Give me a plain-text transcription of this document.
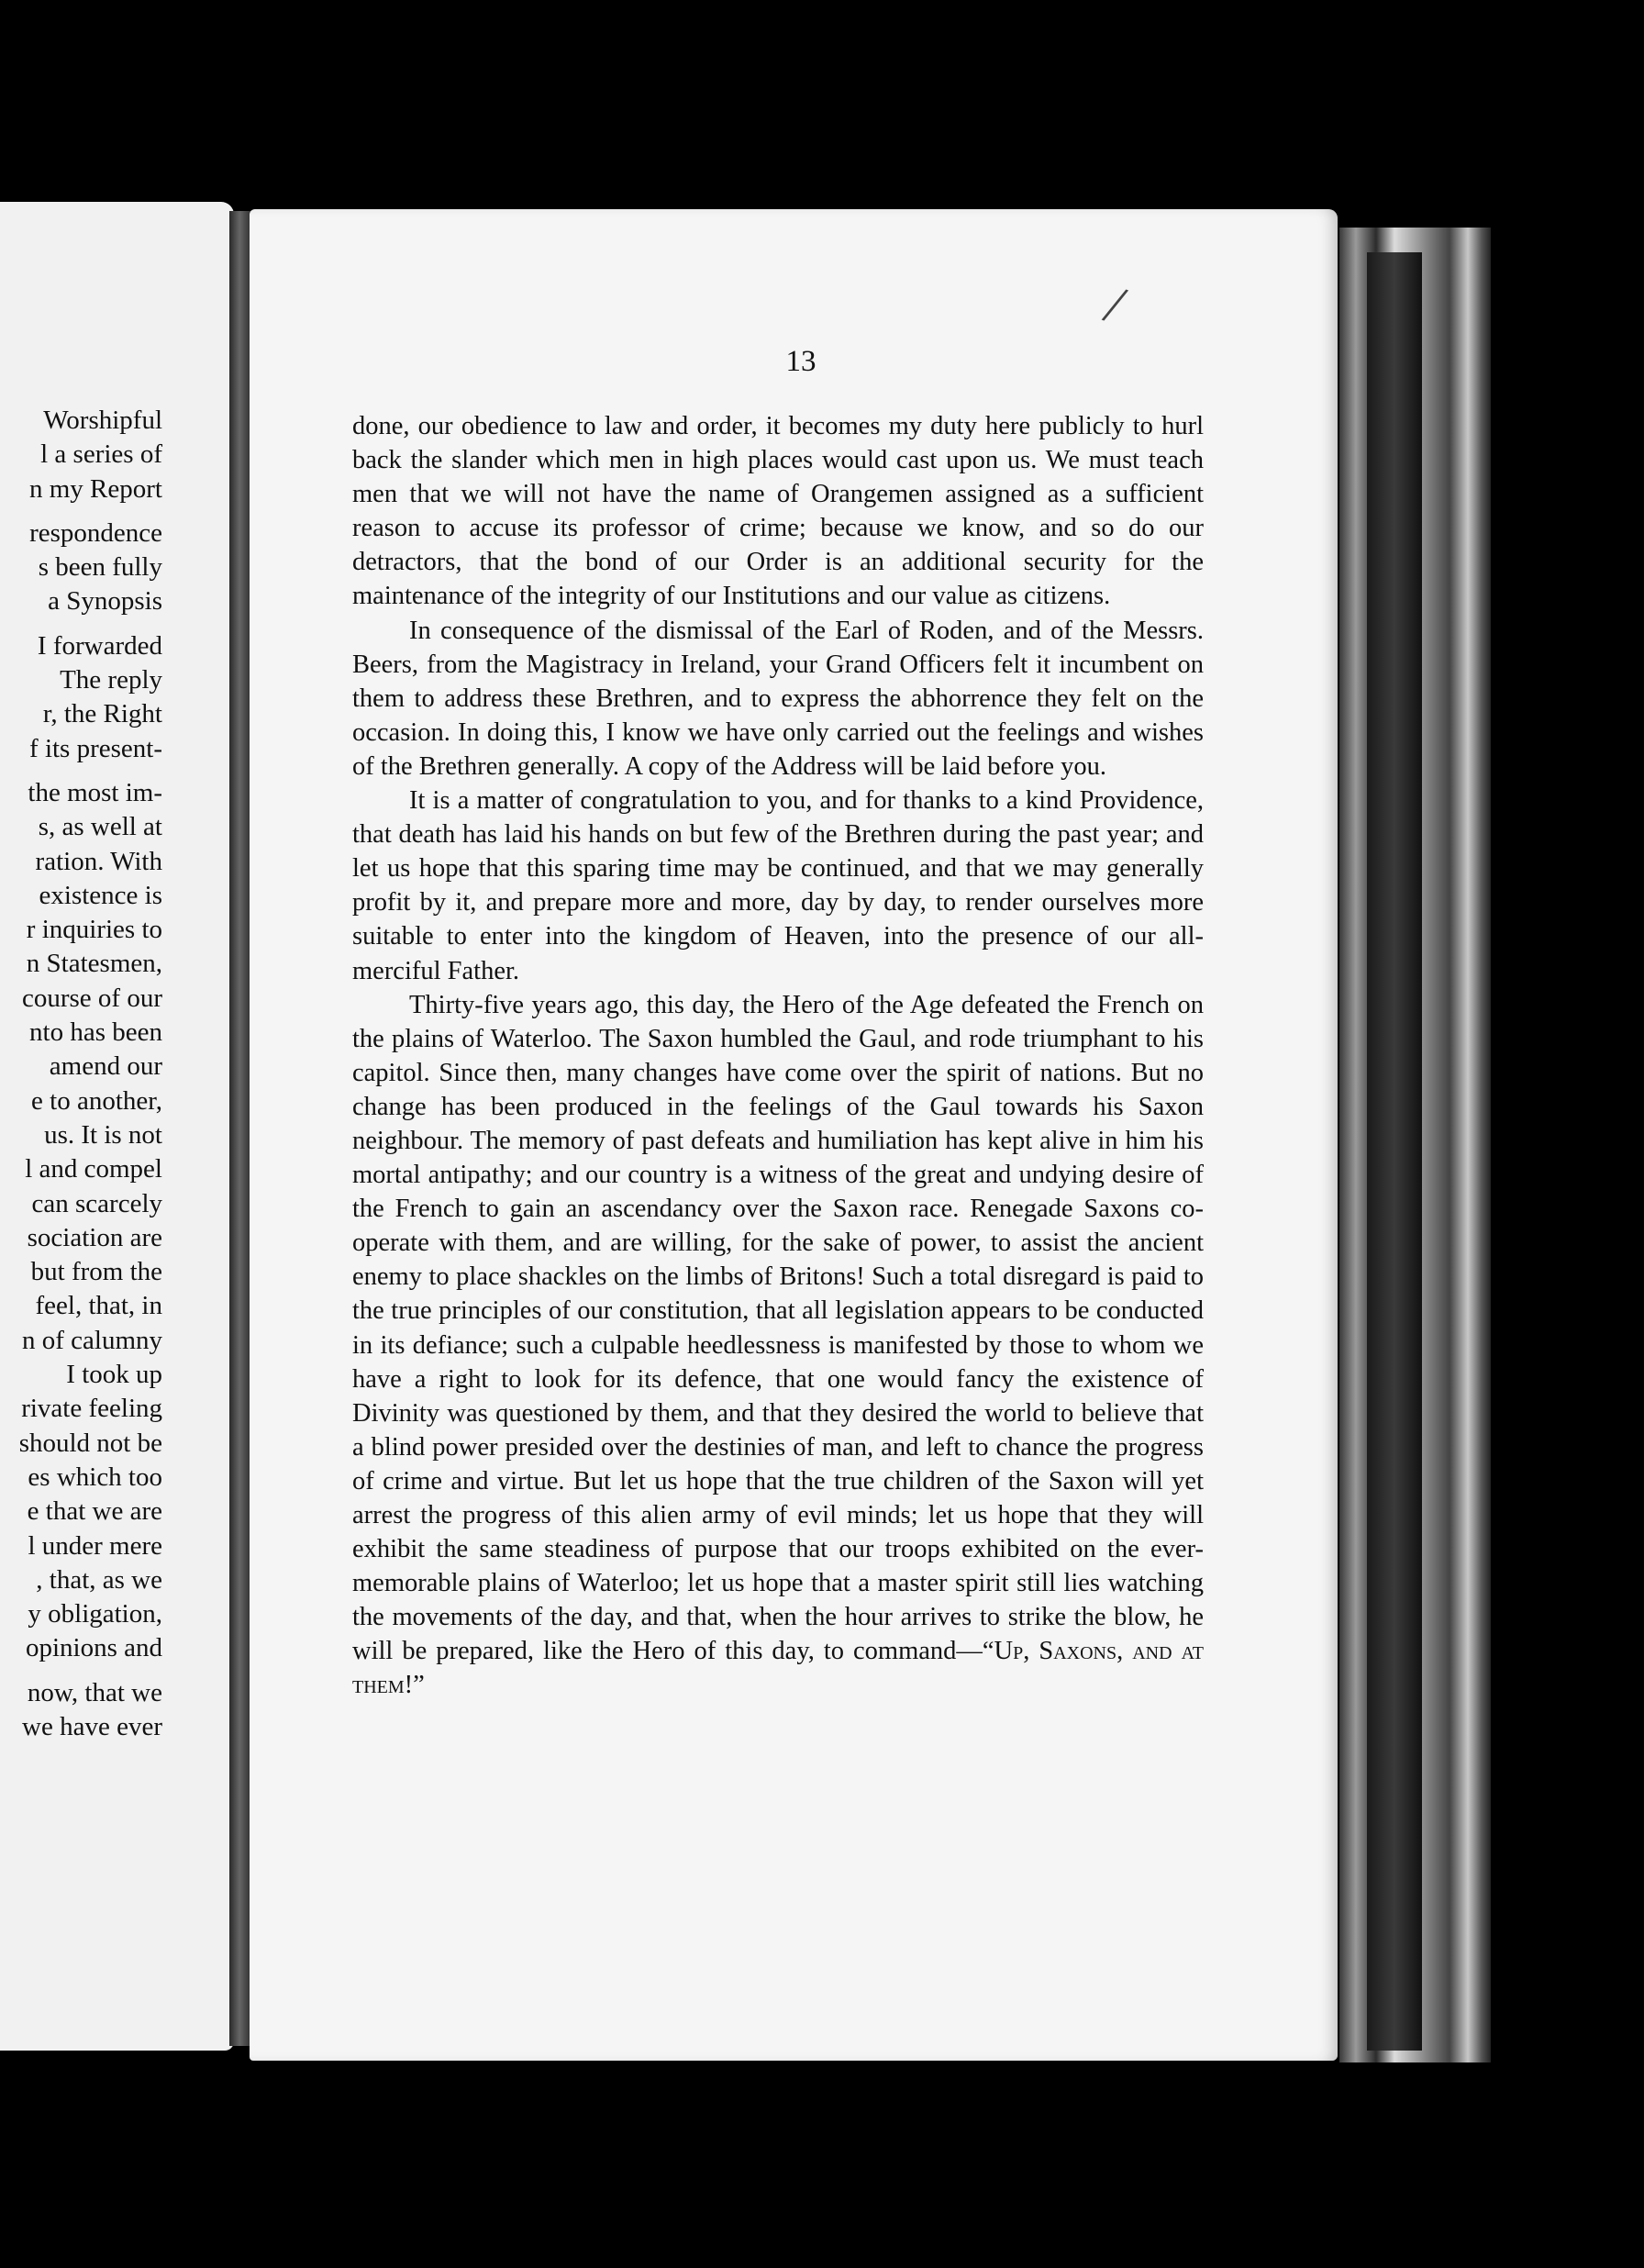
Worshipful
l a series of
n my Report
respondence
s been fully
a Synopsis
I forwarded
The reply
r, the Right
f its present-
the most im-
s, as well at
ration. With
existence is
r inquiries to
n Statesmen,
course of our
nto has been
amend our
e to another,
us. It is not
l and compel
can scarcely
sociation are
but from the
feel, that, in
n of calumny
I took up
rivate feeling
should not be
es which too
e that we are
l under mere
, that, as we
y obligation,
opinions and
now, that we
we have ever
13

done, our obedience to law and order, it becomes my duty here publicly to hurl back the slander which men in high places would cast upon us. We must teach men that we will not have the name of Orangemen assigned as a sufficient reason to accuse its professor of crime; because we know, and so do our detractors, that the bond of our Order is an additional security for the maintenance of the integrity of our Institutions and our value as citizens.

In consequence of the dismissal of the Earl of Roden, and of the Messrs. Beers, from the Magistracy in Ireland, your Grand Officers felt it incumbent on them to address these Brethren, and to express the abhorrence they felt on the occasion. In doing this, I know we have only carried out the feelings and wishes of the Brethren generally. A copy of the Address will be laid before you.

It is a matter of congratulation to you, and for thanks to a kind Providence, that death has laid his hands on but few of the Brethren during the past year; and let us hope that this sparing time may be continued, and that we may generally profit by it, and prepare more and more, day by day, to render ourselves more suitable to enter into the kingdom of Heaven, into the presence of our all-merciful Father.

Thirty-five years ago, this day, the Hero of the Age defeated the French on the plains of Waterloo. The Saxon humbled the Gaul, and rode triumphant to his capitol. Since then, many changes have come over the spirit of nations. But no change has been produced in the feelings of the Gaul towards his Saxon neighbour. The memory of past defeats and humiliation has kept alive in him his mortal antipathy; and our country is a witness of the great and undying desire of the French to gain an ascendancy over the Saxon race. Renegade Saxons co-operate with them, and are willing, for the sake of power, to assist the ancient enemy to place shackles on the limbs of Britons! Such a total disregard is paid to the true principles of our constitution, that all legislation appears to be conducted in its defiance; such a culpable heedlessness is manifested by those to whom we have a right to look for its defence, that one would fancy the existence of Divinity was questioned by them, and that they desired the world to believe that a blind power presided over the destinies of man, and left to chance the progress of crime and virtue. But let us hope that the true children of the Saxon will yet arrest the progress of this alien army of evil minds; let us hope that they will exhibit the same steadiness of purpose that our troops exhibited on the ever-memorable plains of Waterloo; let us hope that a master spirit still lies watching the movements of the day, and that, when the hour arrives to strike the blow, he will be prepared, like the Hero of this day, to command—“Up, Saxons, and at them!”

/
